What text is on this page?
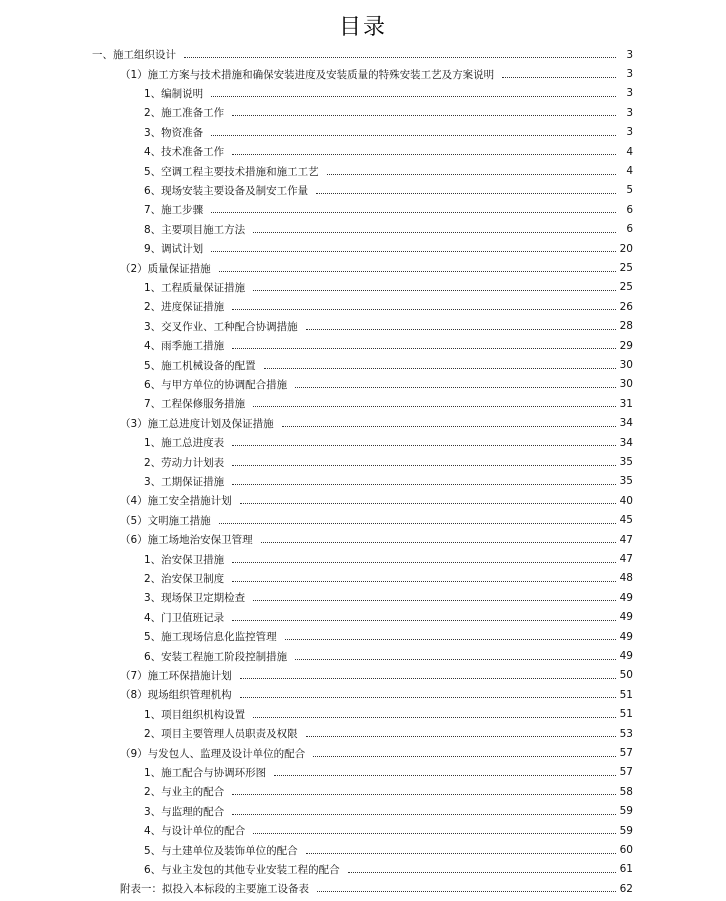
目录
一、施工组织设计	3
（1）施工方案与技术措施和确保安装进度及安装质量的特殊安装工艺及方案说明	3
1、编制说明	3
2、施工准备工作	3
3、物资准备	3
4、技术准备工作	4
5、空调工程主要技术措施和施工工艺	4
6、现场安装主要设备及制安工作量	5
7、施工步骤	6
8、主要项目施工方法	6
9、调试计划	20
（2）质量保证措施	25
1、工程质量保证措施	25
2、进度保证措施	26
3、交叉作业、工种配合协调措施	28
4、雨季施工措施	29
5、施工机械设备的配置	30
6、与甲方单位的协调配合措施	30
7、工程保修服务措施	31
（3）施工总进度计划及保证措施	34
1、施工总进度表	34
2、劳动力计划表	35
3、工期保证措施	35
（4）施工安全措施计划	40
（5）文明施工措施	45
（6）施工场地治安保卫管理	47
1、治安保卫措施	47
2、治安保卫制度	48
3、现场保卫定期检查	49
4、门卫值班记录	49
5、施工现场信息化监控管理	49
6、安装工程施工阶段控制措施	49
（7）施工环保措施计划	50
（8）现场组织管理机构	51
1、项目组织机构设置	51
2、项目主要管理人员职责及权限	53
（9）与发包人、监理及设计单位的配合	57
1、施工配合与协调环形图	57
2、与业主的配合	58
3、与监理的配合	59
4、与设计单位的配合	59
5、与土建单位及装饰单位的配合	60
6、与业主发包的其他专业安装工程的配合	61
附表一：拟投入本标段的主要施工设备表	62
